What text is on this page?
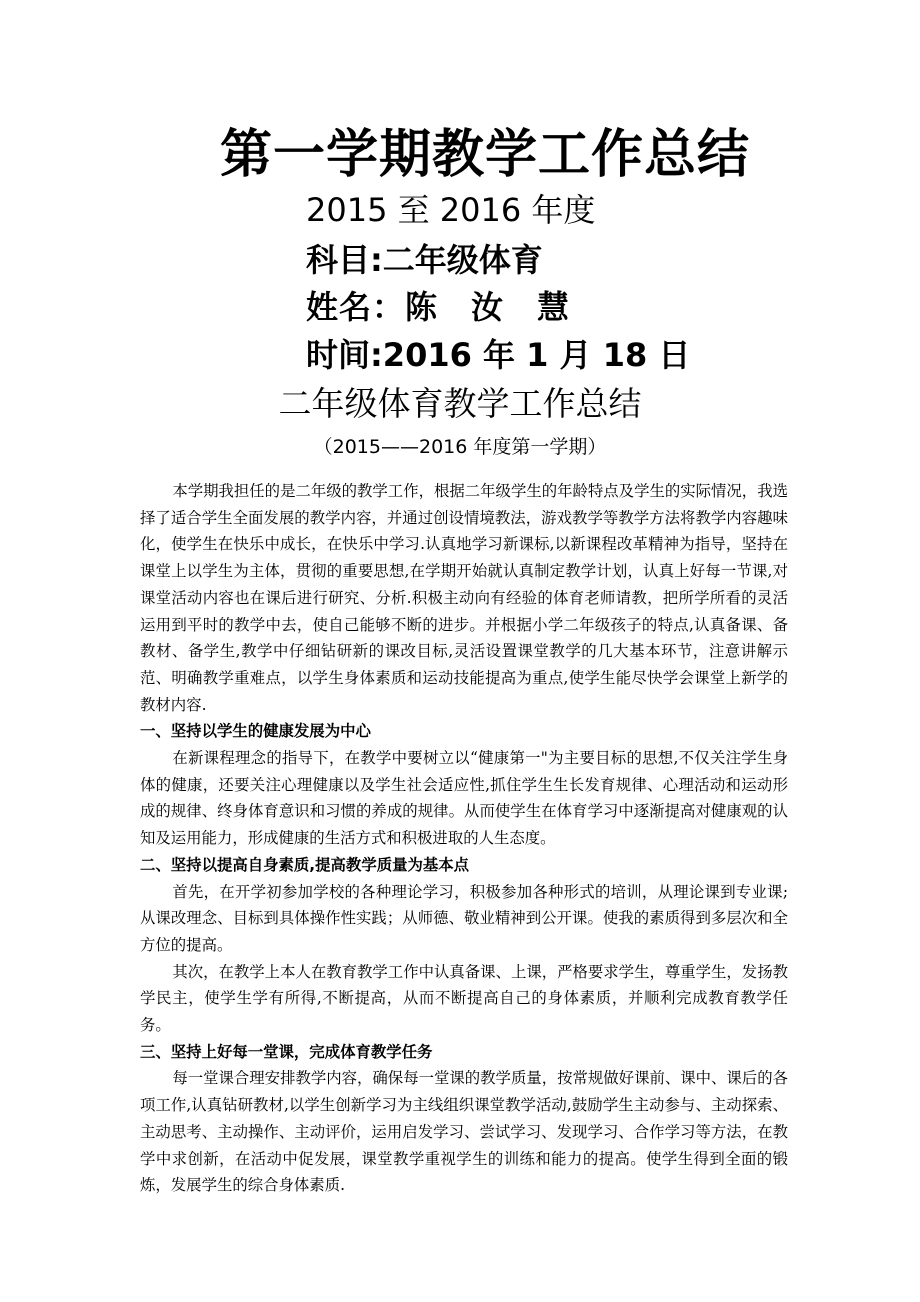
第一学期教学工作总结
2015 至 2016 年度
科目:二年级体育
姓名：陈　汝　慧
时间:2016 年 1 月 18 日
二年级体育教学工作总结
（2015——2016 年度第一学期）

本学期我担任的是二年级的教学工作，根据二年级学生的年龄特点及学生的实际情况，我选择了适合学生全面发展的教学内容，并通过创设情境教法，游戏教学等教学方法将教学内容趣味化，使学生在快乐中成长，在快乐中学习.认真地学习新课标,以新课程改革精神为指导，坚持在课堂上以学生为主体，贯彻的重要思想,在学期开始就认真制定教学计划，认真上好每一节课,对课堂活动内容也在课后进行研究、分析.积极主动向有经验的体育老师请教，把所学所看的灵活运用到平时的教学中去，使自己能够不断的进步。并根据小学二年级孩子的特点,认真备课、备教材、备学生,教学中仔细钻研新的课改目标,灵活设置课堂教学的几大基本环节，注意讲解示范、明确教学重难点，以学生身体素质和运动技能提高为重点,使学生能尽快学会课堂上新学的教材内容.

一、坚持以学生的健康发展为中心

在新课程理念的指导下，在教学中要树立以“健康第一"为主要目标的思想,不仅关注学生身体的健康，还要关注心理健康以及学生社会适应性,抓住学生生长发育规律、心理活动和运动形成的规律、终身体育意识和习惯的养成的规律。从而使学生在体育学习中逐渐提高对健康观的认知及运用能力，形成健康的生活方式和积极进取的人生态度。

二、坚持以提高自身素质,提高教学质量为基本点

首先，在开学初参加学校的各种理论学习，积极参加各种形式的培训，从理论课到专业课;从课改理念、目标到具体操作性实践；从师德、敬业精神到公开课。使我的素质得到多层次和全方位的提高。

其次，在教学上本人在教育教学工作中认真备课、上课，严格要求学生，尊重学生，发扬教学民主，使学生学有所得,不断提高，从而不断提高自己的身体素质，并顺利完成教育教学任务。

三、坚持上好每一堂课，完成体育教学任务

每一堂课合理安排教学内容，确保每一堂课的教学质量，按常规做好课前、课中、课后的各项工作,认真钻研教材,以学生创新学习为主线组织课堂教学活动,鼓励学生主动参与、主动探索、主动思考、主动操作、主动评价，运用启发学习、尝试学习、发现学习、合作学习等方法，在教学中求创新，在活动中促发展，课堂教学重视学生的训练和能力的提高。使学生得到全面的锻炼，发展学生的综合身体素质.
